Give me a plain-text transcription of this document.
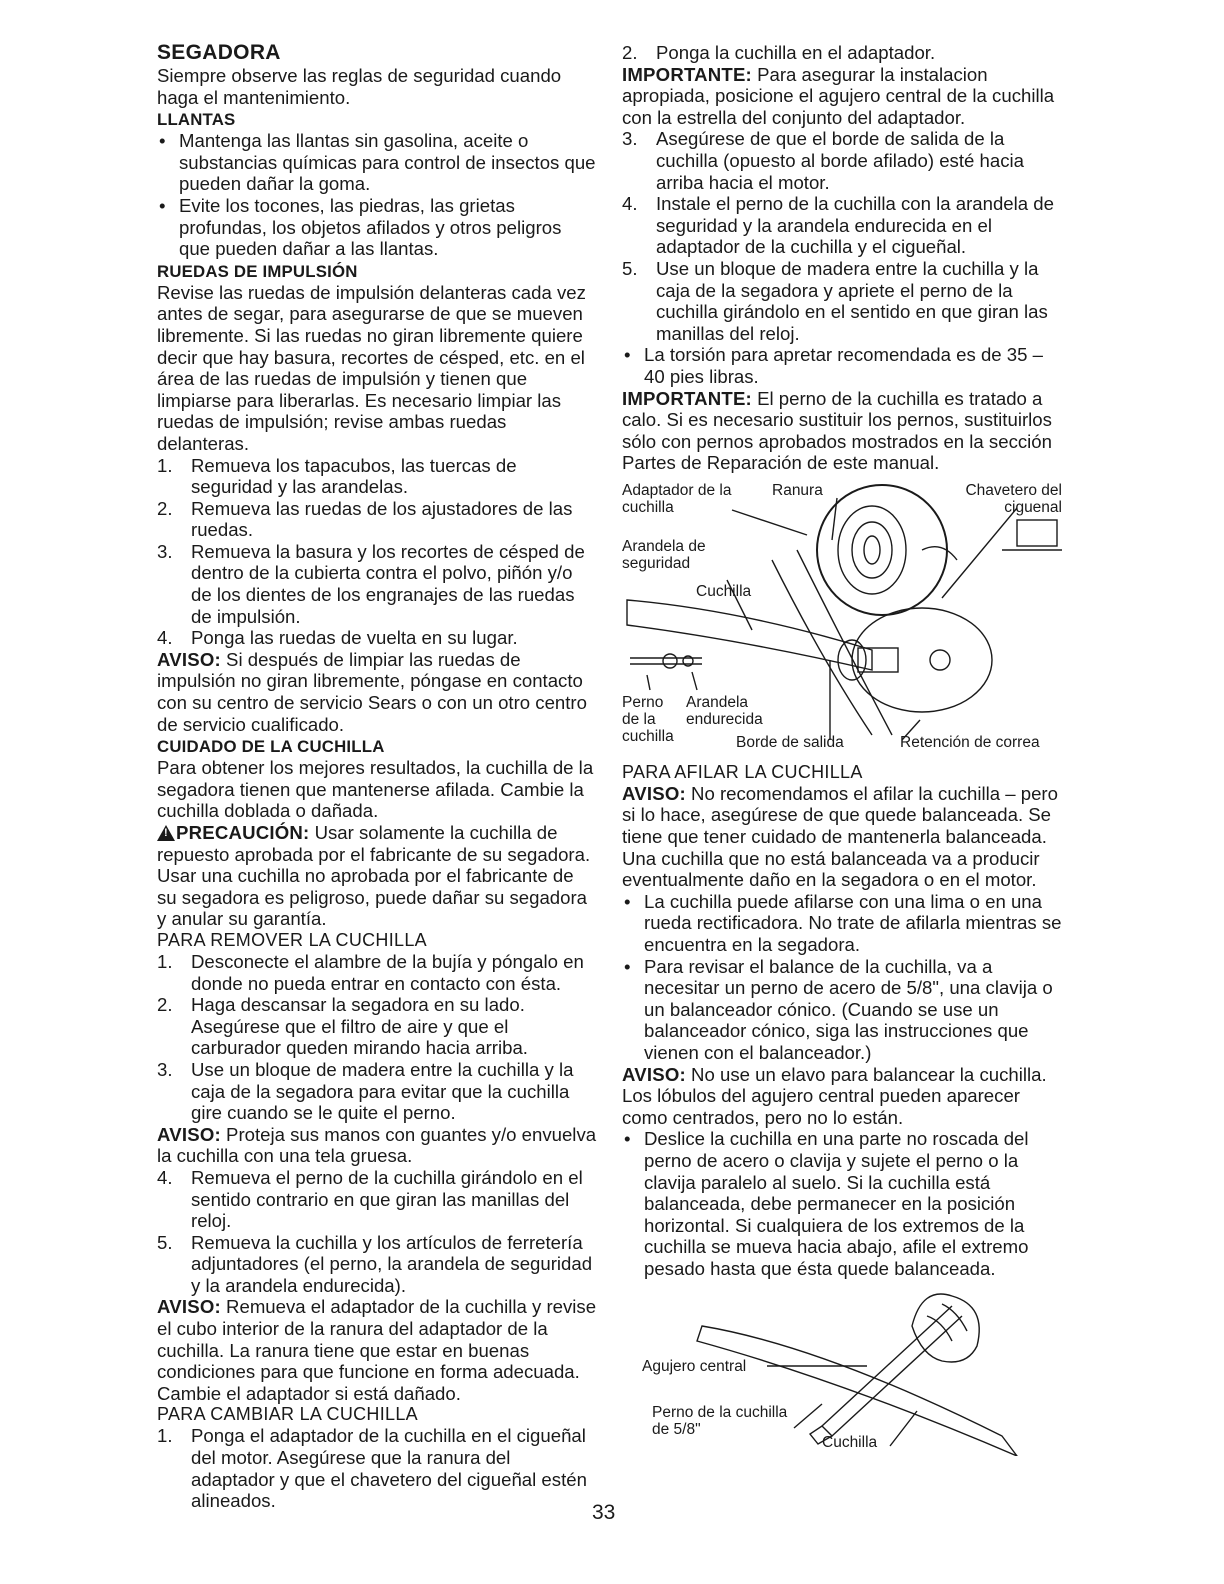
SEGADORA
Siempre observe las reglas de seguridad cuando haga el mantenimiento.
LLANTAS
• Mantenga las llantas sin gasolina, aceite o substancias químicas para control de insectos que pueden dañar la goma.
• Evite los tocones, las piedras, las grietas profundas, los objetos afilados y otros peligros que pueden dañar a las llantas.
RUEDAS DE IMPULSIÓN
Revise las ruedas de impulsión delanteras cada vez antes de segar, para asegurarse de que se mueven libremente. Si las ruedas no giran libremente quiere decir que hay basura, recortes de césped, etc. en el área de las ruedas de impulsión y tienen que limpiarse para liberarlas. Es necesario limpiar las ruedas de impulsión; revise ambas ruedas delanteras.
1. Remueva los tapacubos, las tuercas de seguridad y las arandelas.
2. Remueva las ruedas de los ajustadores de las ruedas.
3. Remueva la basura y los recortes de césped de dentro de la cubierta contra el polvo, piñón y/o de los dientes de los engranajes de las ruedas de impulsión.
4. Ponga las ruedas de vuelta en su lugar.
AVISO: Si después de limpiar las ruedas de impulsión no giran libremente, póngase en contacto con su centro de servicio Sears o con un otro centro de servicio cualificado.
CUIDADO DE LA CUCHILLA
Para obtener los mejores resultados, la cuchilla de la segadora tienen que mantenerse afilada. Cambie la cuchilla doblada o dañada.
!PRECAUCIÓN: Usar solamente la cuchilla de repuesto aprobada por el fabricante de su segadora. Usar una cuchilla no aprobada por el fabricante de su segadora es peligroso, puede dañar su segadora y anular su garantía.
PARA REMOVER LA CUCHILLA
1. Desconecte el alambre de la bujía y póngalo en donde no pueda entrar en contacto con ésta.
2. Haga descansar la segadora en su lado. Asegúrese que el filtro de aire y que el carburador queden mirando hacia arriba.
3. Use un bloque de madera entre la cuchilla y la caja de la segadora para evitar que la cuchilla gire cuando se le quite el perno.
AVISO: Proteja sus manos con guantes y/o envuelva la cuchilla con una tela gruesa.
4. Remueva el perno de la cuchilla girándolo en el sentido contrario en que giran las manillas del reloj.
5. Remueva la cuchilla y los artículos de ferretería adjuntadores (el perno, la arandela de seguridad y la arandela endurecida).
AVISO: Remueva el adaptador de la cuchilla y revise el cubo interior de la ranura del adaptador de la cuchilla. La ranura tiene que estar en buenas condiciones para que funcione en forma adecuada. Cambie el adaptador si está dañado.
PARA CAMBIAR LA CUCHILLA
1. Ponga el adaptador de la cuchilla en el cigueñal del motor. Asegúrese que la ranura del adaptador y que el chavetero del cigueñal estén alineados.
2. Ponga la cuchilla en el adaptador.
IMPORTANTE: Para asegurar la instalacion apropiada, posicione el agujero central de la cuchilla con la estrella del conjunto del adaptador.
3. Asegúrese de que el borde de salida de la cuchilla (opuesto al borde afilado) esté hacia arriba hacia el motor.
4. Instale el perno de la cuchilla con la arandela de seguridad y la arandela endurecida en el adaptador de la cuchilla y el cigueñal.
5. Use un bloque de madera entre la cuchilla y la caja de la segadora y apriete el perno de la cuchilla girándolo en el sentido en que giran las manillas del reloj.
• La torsión para apretar recomendada es de 35 – 40 pies libras.
IMPORTANTE: El perno de la cuchilla es tratado a calo. Si es necesario sustituir los pernos, sustituirlos sólo con pernos aprobados mostrados en la sección Partes de Reparación de este manual.
Adaptador de la cuchilla
Ranura	Chavetero del ciguenal
Arandela de seguridad
Cuchilla
Perno de la cuchilla
Arandela endurecida
Borde de salida	Retención de correa
PARA AFILAR LA CUCHILLA
AVISO: No recomendamos el afilar la cuchilla – pero si lo hace, asegúrese de que quede balanceada. Se tiene que tener cuidado de mantenerla balanceada. Una cuchilla que no está balanceada va a producir eventualmente daño en la segadora o en el motor.
• La cuchilla puede afilarse con una lima o en una rueda rectificadora. No trate de afilarla mientras se encuentra en la segadora.
• Para revisar el balance de la cuchilla, va a necesitar un perno de acero de 5/8", una clavija o un balanceador cónico. (Cuando se use un balanceador cónico, siga las instrucciones que vienen con el balanceador.)
AVISO: No use un elavo para balancear la cuchilla. Los lóbulos del agujero central pueden aparecer como centrados, pero no lo están.
• Deslice la cuchilla en una parte no roscada del perno de acero o clavija y sujete el perno o la clavija paralelo al suelo. Si la cuchilla está balanceada, debe permanecer en la posición horizontal. Si cualquiera de los extremos de la cuchilla se mueva hacia abajo, afile el extremo pesado hasta que ésta quede balanceada.
Agujero central
Perno de la cuchilla de 5/8"
Cuchilla
33
